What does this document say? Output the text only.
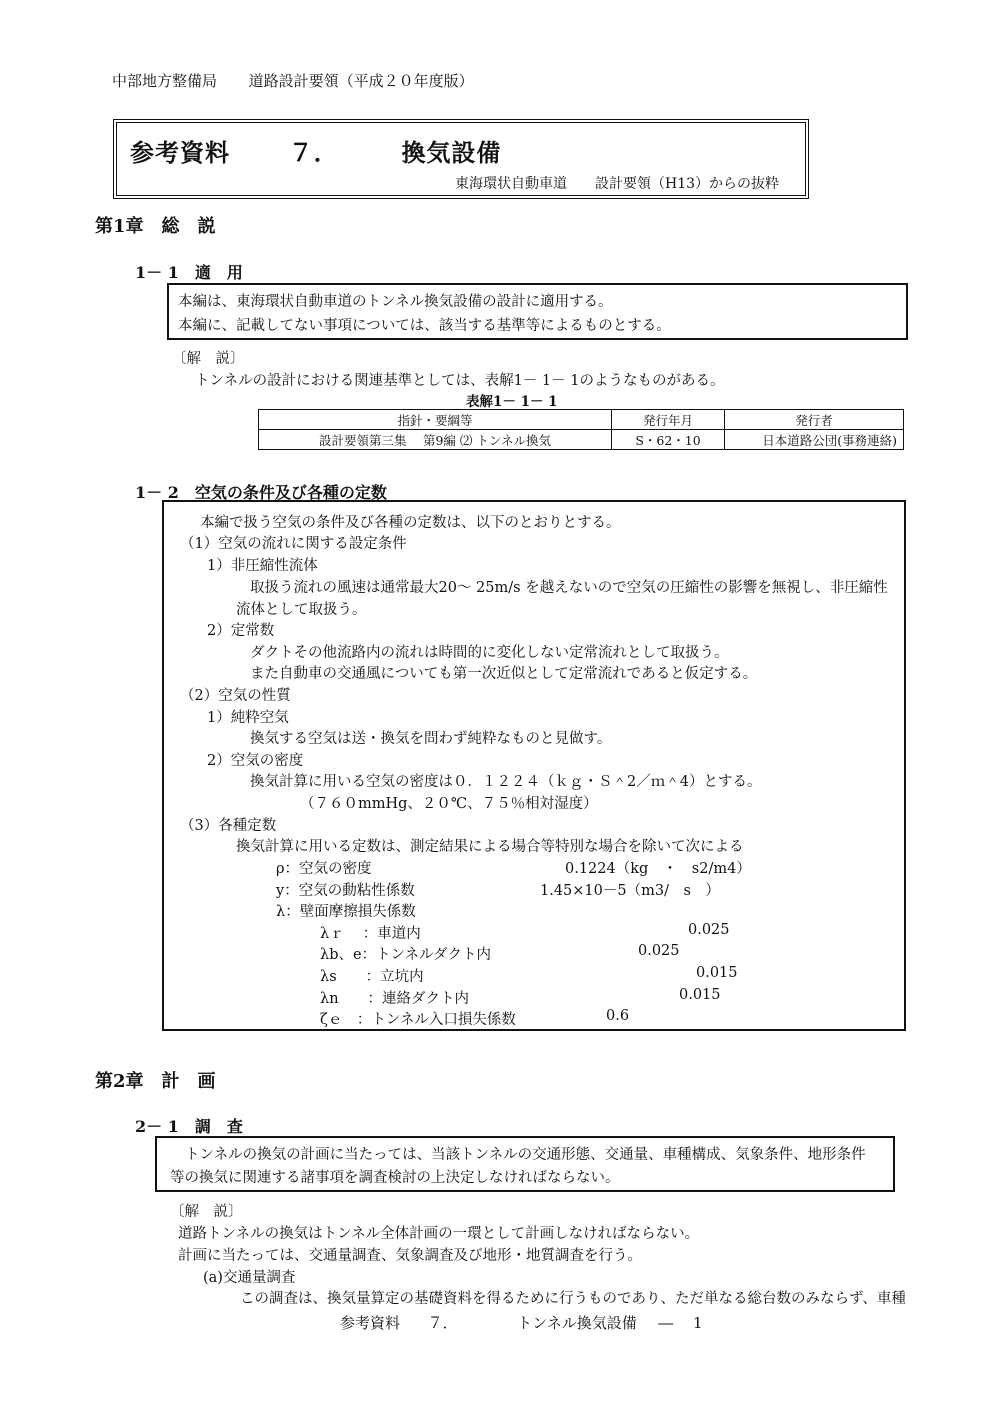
中部地方整備局 道路設計要領（平成２０年度版）
参考資料 ７．	換気設備
東海環状自動車道　　設計要領（H13）からの抜粋
第1章　総　説
1－ 1　適　用
本編は、東海環状自動車道のトンネル換気設備の設計に適用する。
本編に、記載してない事項については、該当する基準等によるものとする。
〔解　説〕
トンネルの設計における関連基準としては、表解1－ 1－ 1のようなものがある。
表解1－ 1－ 1
指針・要綱等	発行年月	発行者
設計要領第三集　 第9編 ⑵ トンネル換気	S・62・10	日本道路公団(事務連絡)
1－ 2　空気の条件及び各種の定数
本編で扱う空気の条件及び各種の定数は、以下のとおりとする。
（1）空気の流れに関する設定条件
1）非圧縮性流体
取扱う流れの風速は通常最大20～ 25m/s を越えないので空気の圧縮性の影響を無視し、非圧縮性
流体として取扱う。
2）定常数
ダクトその他流路内の流れは時間的に変化しない定常流れとして取扱う。
また自動車の交通風についても第一次近似として定常流れであると仮定する。
（2）空気の性質
1）純粋空気
換気する空気は送・換気を問わず純粋なものと見做す。
2）空気の密度
換気計算に用いる空気の密度は０．１２２４（ｋｇ・Ｓ＾2／ｍ＾4）とする。
（７６０mmHg、２０℃、７５％相対湿度）
（3）各種定数
換気計算に用いる定数は、測定結果による場合等特別な場合を除いて次による
ρ：空気の密度	0.1224（kg　・　s2/m4）
y：空気の動粘性係数	1.45×10－5（m3/　s　）
λ：壁面摩擦損失係数
λｒ　 ：車道内	0.025
λb、e：トンネルダクト内	0.025
λs　　：立坑内	0.015
λn　　：連絡ダクト内	0.015
ζｅ　：トンネル入口損失係数	0.6
第2章　計　画
2－ 1　調　査
トンネルの換気の計画に当たっては、当該トンネルの交通形態、交通量、車種構成、気象条件、地形条件
等の換気に関連する諸事項を調査検討の上決定しなければならない。
〔解　説〕
道路トンネルの換気はトンネル全体計画の一環として計画しなければならない。
計画に当たっては、交通量調査、気象調査及び地形・地質調査を行う。
(a)交通量調査
この調査は、換気量算定の基礎資料を得るために行うものであり、ただ単なる総台数のみならず、車種
参考資料 ７．	トンネル換気設備 ―　 1
